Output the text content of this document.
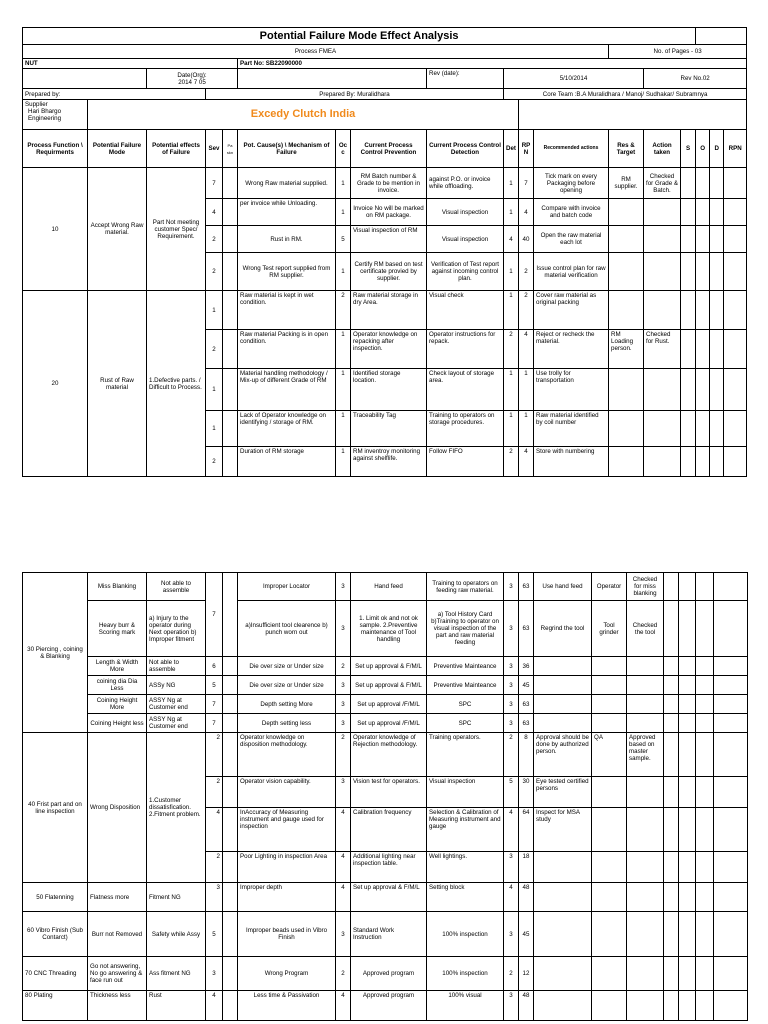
Potential Failure Mode Effect Analysis																	
Process FMEA												No. of Pages - 03					
NUT					Part No: SB22090000												

		Date(Org):
2014 7 05						Rev (date):	5/10/2014				Rev No.02				
Prepared by:			Prepared By: Muralidhara						Core Team :B.A Muralidhara / Manoj/ Sudhakar/ Subramnya								

Supplier
Hari Bhargo Engineering	Excedy Clutch India																
Process Function \ Requirments	Potential Failure Mode	Potential effects of Failure	Sev	Pa skn	Pot. Cause(s) \ Mechanism of Failure	Occ	Current Process Control Prevention	Current Process Control Detection	Det	RP N	Recommended actions	Res & Target	Action taken	S	O	D	RPN
10	Accept Wrong Raw material.	Part Not meeting customer Spec/ Requirement.	7		Wrong Raw material supplied.	1	RM Batch number & Grade to be mention in invoice.	against P.O. or invoice while offloading.	1	7	Tick mark on every Packaging before opening	RM supplier.	Checked for Grade & Batch.				
			4		per invoice while Unloading.	1	Invoice No will be marked on RM package.	Visual inspection	1	4	Compare with invoice and batch code						
			2		Rust in RM.	5	Visual inspection of RM	Visual inspection	4	40	Open the raw material each lot						
			2		Wrong Test report supplied from RM supplier.	1	Certify RM based on test certificate provied by supplier.	Verification of Test report against incoming control plan.	1	2	Issue control plan for raw material verification						
20	Rust of Raw material	1.Defective parts. / Difficult to Process.	1		Raw material is kept in wet condition.	2	Raw material storage in dry Area.	Visual check	1	2	Cover raw material as original packing						
			2		Raw material Packing is in open condition.	1	Operator knowledge on repacking after inspection.	Operator instructions for repack.	2	4	Reject or recheck the material.	RM Loading person.	Checked for Rust.				
			1		Material handling methodology / Mix-up of different Grade of RM	1	Identified storage location.	Check layout of storage area.	1	1	Use trolly for transportation						
			1		Lack of Operator knowledge on identifying / storage of RM.	1	Traceability Tag	Training to operators on storage procedures.	1	1	Raw material identified by coil number						
			2		Duration of RM storage	1	RM inventroy monitoring against shelflife.	Follow FIFO	2	4	Store with numbering						
30 Piercing , coining & Blanking	Miss Blanking	Not able to assemble	7		Improper Locator	3	Hand feed	Training to operators on feeding raw material.	3	63	Use hand feed	Operator	Checked for miss blanking				
	Heavy burr & Scoring mark	a) Injury to the operator during Next operation b) Improper fitment			a)Insufficient tool clearence b) punch worn out	3	1. Limit ok and not ok sample. 2.Preventive maintenance of Tool handling	a) Tool History Card b)Training to operator on visual inspection of the part and raw material feeding	3	63	Regrind the tool	Tool grinder	Checked the tool				
	Length & Width More	Not able to assemble	6		Die over size or Under size	2	Set up approval & F/M/L	Preventive Mainteance	3	36							
	coining dia Dia Less	ASSy NG	5		Die over size or Under size	3	Set up approval & F/M/L	Preventive Mainteance	3	45							
	Coining Height More	ASSY Ng at Customer end	7		Depth setting More	3	Set up approval /F/M/L	SPC	3	63							
	Coining Height less	ASSY Ng at Customer end	7		Depth setting less	3	Set up approval /F/M/L	SPC	3	63							
40 Frist part and on line inspection	Wrong Disposition	1.Customer dissatisfication. 2.Fitment problem.	2		Operator knowledge on disposition methodology.	2	Operator knowledge of Rejection methodology.	Training operators.	2	8	Approval should be done by authorized person.	QA	Approved based on master sample.				
			2		Operator vision capability.	3	Vision test for operators.	Visual inspection	5	30	Eye tested certified persons						
			4		InAccuracy of Measuring instrument and gauge used for inspection	4	Calibration frequency	Selection & Calibration of Measuring instrument and gauge	4	64	Inspect for MSA study						
			2		Poor Lighting in inspection Area	4	Additional lighting near inspection table.	Well lightings.	3	18							
50 Flatenning	Flatness more	Fitment NG	3		Improper depth	4	Set up approval & F/M/L	Setting block	4	48							
60 Vibro Finish (Sub Contarct)	Burr not Removed	Safety while Assy	5		Improper beads used in Vibro Finish	3	Standard Work Instruction	100% inspection	3	45							
70 CNC Threading	Go not answering, No go answering & face run out	Ass fitment NG	3		Wrong Program	2	Approved program	100% inspection	2	12							
80 Plating	Thickness less	Rust	4		Less time & Passivation	4	Approved program	100% visual	3	48							
